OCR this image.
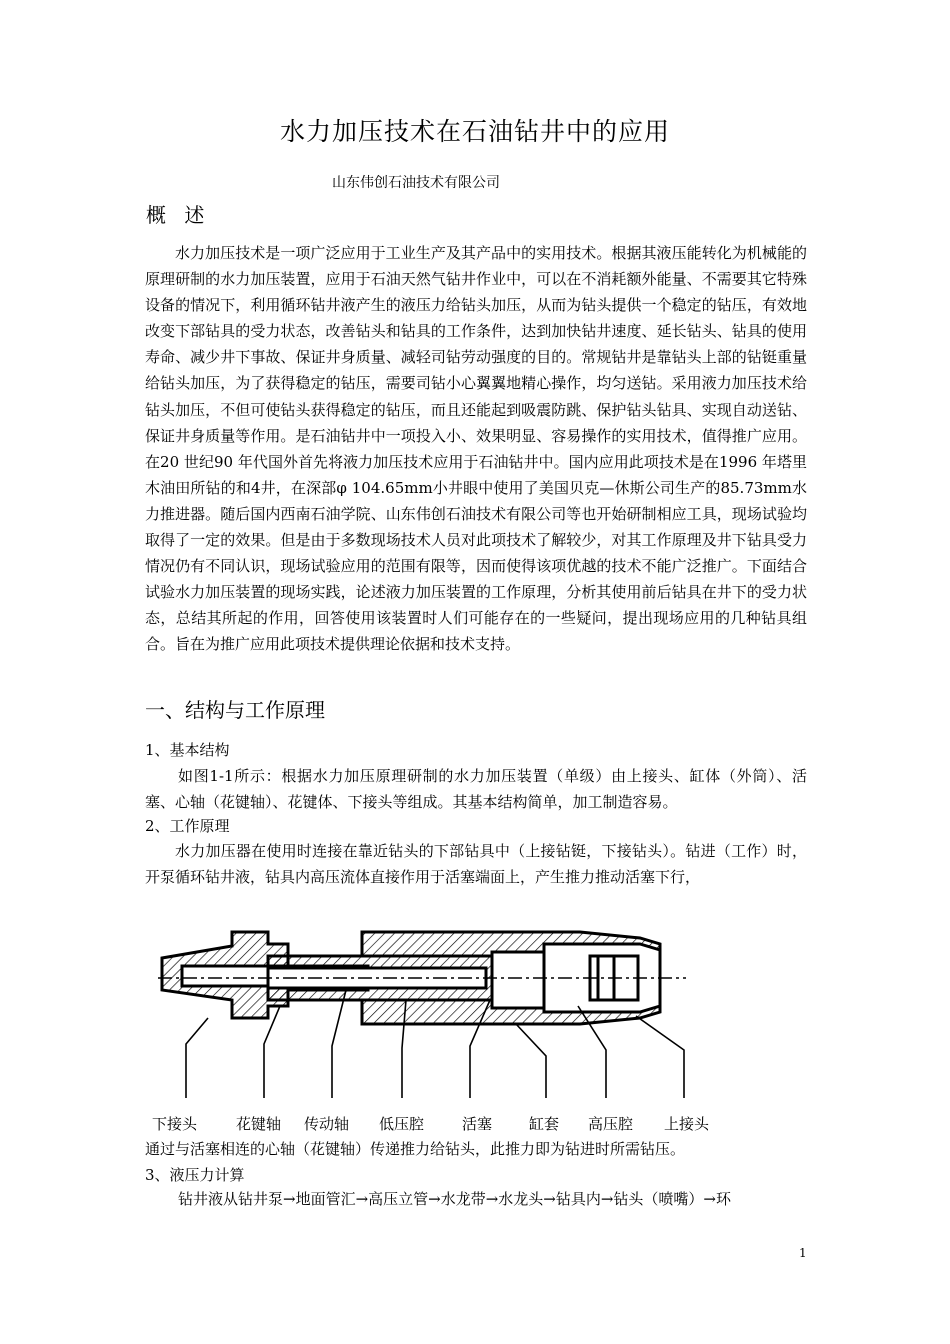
水力加压技术在石油钻井中的应用
山东伟创石油技术有限公司
概 述

水力加压技术是一项广泛应用于工业生产及其产品中的实用技术。根据其液压能转化为机械能的原理研制的水力加压装置，应用于石油天然气钻井作业中，可以在不消耗额外能量、不需要其它特殊设备的情况下，利用循环钻井液产生的液压力给钻头加压，从而为钻头提供一个稳定的钻压，有效地改变下部钻具的受力状态，改善钻头和钻具的工作条件，达到加快钻井速度、延长钻头、钻具的使用寿命、减少井下事故、保证井身质量、减轻司钻劳动强度的目的。常规钻井是靠钻头上部的钻铤重量给钻头加压，为了获得稳定的钻压，需要司钻小心翼翼地精心操作，均匀送钻。采用液力加压技术给钻头加压，不但可使钻头获得稳定的钻压，而且还能起到吸震防跳、保护钻头钻具、实现自动送钻、保证井身质量等作用。是石油钻井中一项投入小、效果明显、容易操作的实用技术，值得推广应用。在20 世纪90 年代国外首先将液力加压技术应用于石油钻井中。国内应用此项技术是在1996 年塔里木油田所钻的和4井，在深部φ 104.65mm小井眼中使用了美国贝克—休斯公司生产的85.73mm水力推进器。随后国内西南石油学院、山东伟创石油技术有限公司等也开始研制相应工具，现场试验均取得了一定的效果。但是由于多数现场技术人员对此项技术了解较少，对其工作原理及井下钻具受力情况仍有不同认识，现场试验应用的范围有限等，因而使得该项优越的技术不能广泛推广。下面结合试验水力加压装置的现场实践，论述液力加压装置的工作原理，分析其使用前后钻具在井下的受力状态，总结其所起的作用，回答使用该装置时人们可能存在的一些疑问，提出现场应用的几种钻具组合。旨在为推广应用此项技术提供理论依据和技术支持。

一、结构与工作原理
1、基本结构

如图1-1所示：根据水力加压原理研制的水力加压装置（单级）由上接头、缸体（外筒）、活塞、心轴（花键轴）、花键体、下接头等组成。其基本结构简单，加工制造容易。

2、工作原理

水力加压器在使用时连接在靠近钻头的下部钻具中（上接钻铤，下接钻头）。钻进（工作）时，开泵循环钻井液，钻具内高压流体直接作用于活塞端面上，产生推力推动活塞下行，

下接头	花键轴 传动轴 低压腔	活塞 缸套 高压腔 上接头
通过与活塞相连的心轴（花键轴）传递推力给钻头，此推力即为钻进时所需钻压。
3、液压力计算

钻井液从钻井泵→地面管汇→高压立管→水龙带→水龙头→钻具内→钻头（喷嘴）→环

1
